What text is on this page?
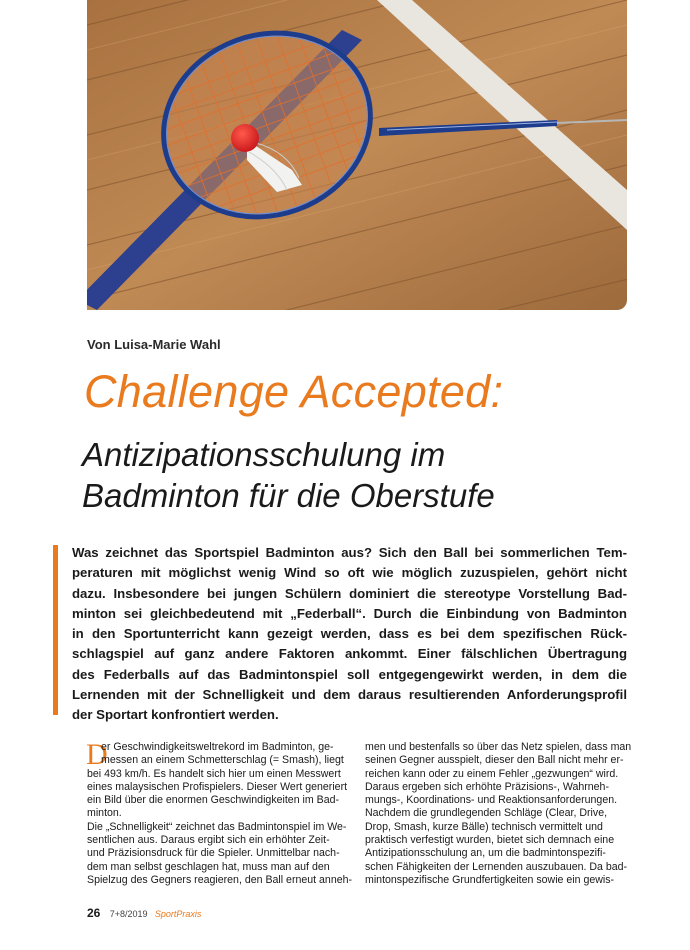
Von Luisa-Marie Wahl
Challenge Accepted:
Antizipationsschulung im
Badminton für die Oberstufe
Was zeichnet das Sportspiel Badminton aus? Sich den Ball bei sommerlichen Tem-
peraturen mit möglichst wenig Wind so oft wie möglich zuzuspielen, gehört nicht
dazu. Insbesondere bei jungen Schülern dominiert die stereotype Vorstellung Bad-
minton sei gleichbedeutend mit „Federball“. Durch die Einbindung von Badminton
in den Sportunterricht kann gezeigt werden, dass es bei dem spezifischen Rück-
schlagspiel auf ganz andere Faktoren ankommt. Einer fälschlichen Übertragung
des Federballs auf das Badmintonspiel soll entgegengewirkt werden, in dem die
Lernenden mit der Schnelligkeit und dem daraus resultierenden Anforderungsprofil
der Sportart konfrontiert werden.
D
er Geschwindigkeitsweltrekord im Badminton, ge-
messen an einem Schmetterschlag (= Smash), liegt
bei 493 km/h. Es handelt sich hier um einen Messwert
eines malaysischen Profispielers. Dieser Wert generiert
ein Bild über die enormen Geschwindigkeiten im Bad-
minton.
Die „Schnelligkeit“ zeichnet das Badmintonspiel im We-
sentlichen aus. Daraus ergibt sich ein erhöhter Zeit-
und Präzisionsdruck für die Spieler. Unmittelbar nach-
dem man selbst geschlagen hat, muss man auf den
Spielzug des Gegners reagieren, den Ball erneut anneh-
men und bestenfalls so über das Netz spielen, dass man
seinen Gegner ausspielt, dieser den Ball nicht mehr er-
reichen kann oder zu einem Fehler „gezwungen“ wird.
Daraus ergeben sich erhöhte Präzisions-, Wahrneh-
mungs-, Koordinations- und Reaktionsanforderungen.
Nachdem die grundlegenden Schläge (Clear, Drive,
Drop, Smash, kurze Bälle) technisch vermittelt und
praktisch verfestigt wurden, bietet sich demnach eine
Antizipationsschulung an, um die badmintonspezifi-
schen Fähigkeiten der Lernenden auszubauen. Da bad-
mintonspezifische Grundfertigkeiten sowie ein gewis-
26 7+8/2019 SportPraxis
